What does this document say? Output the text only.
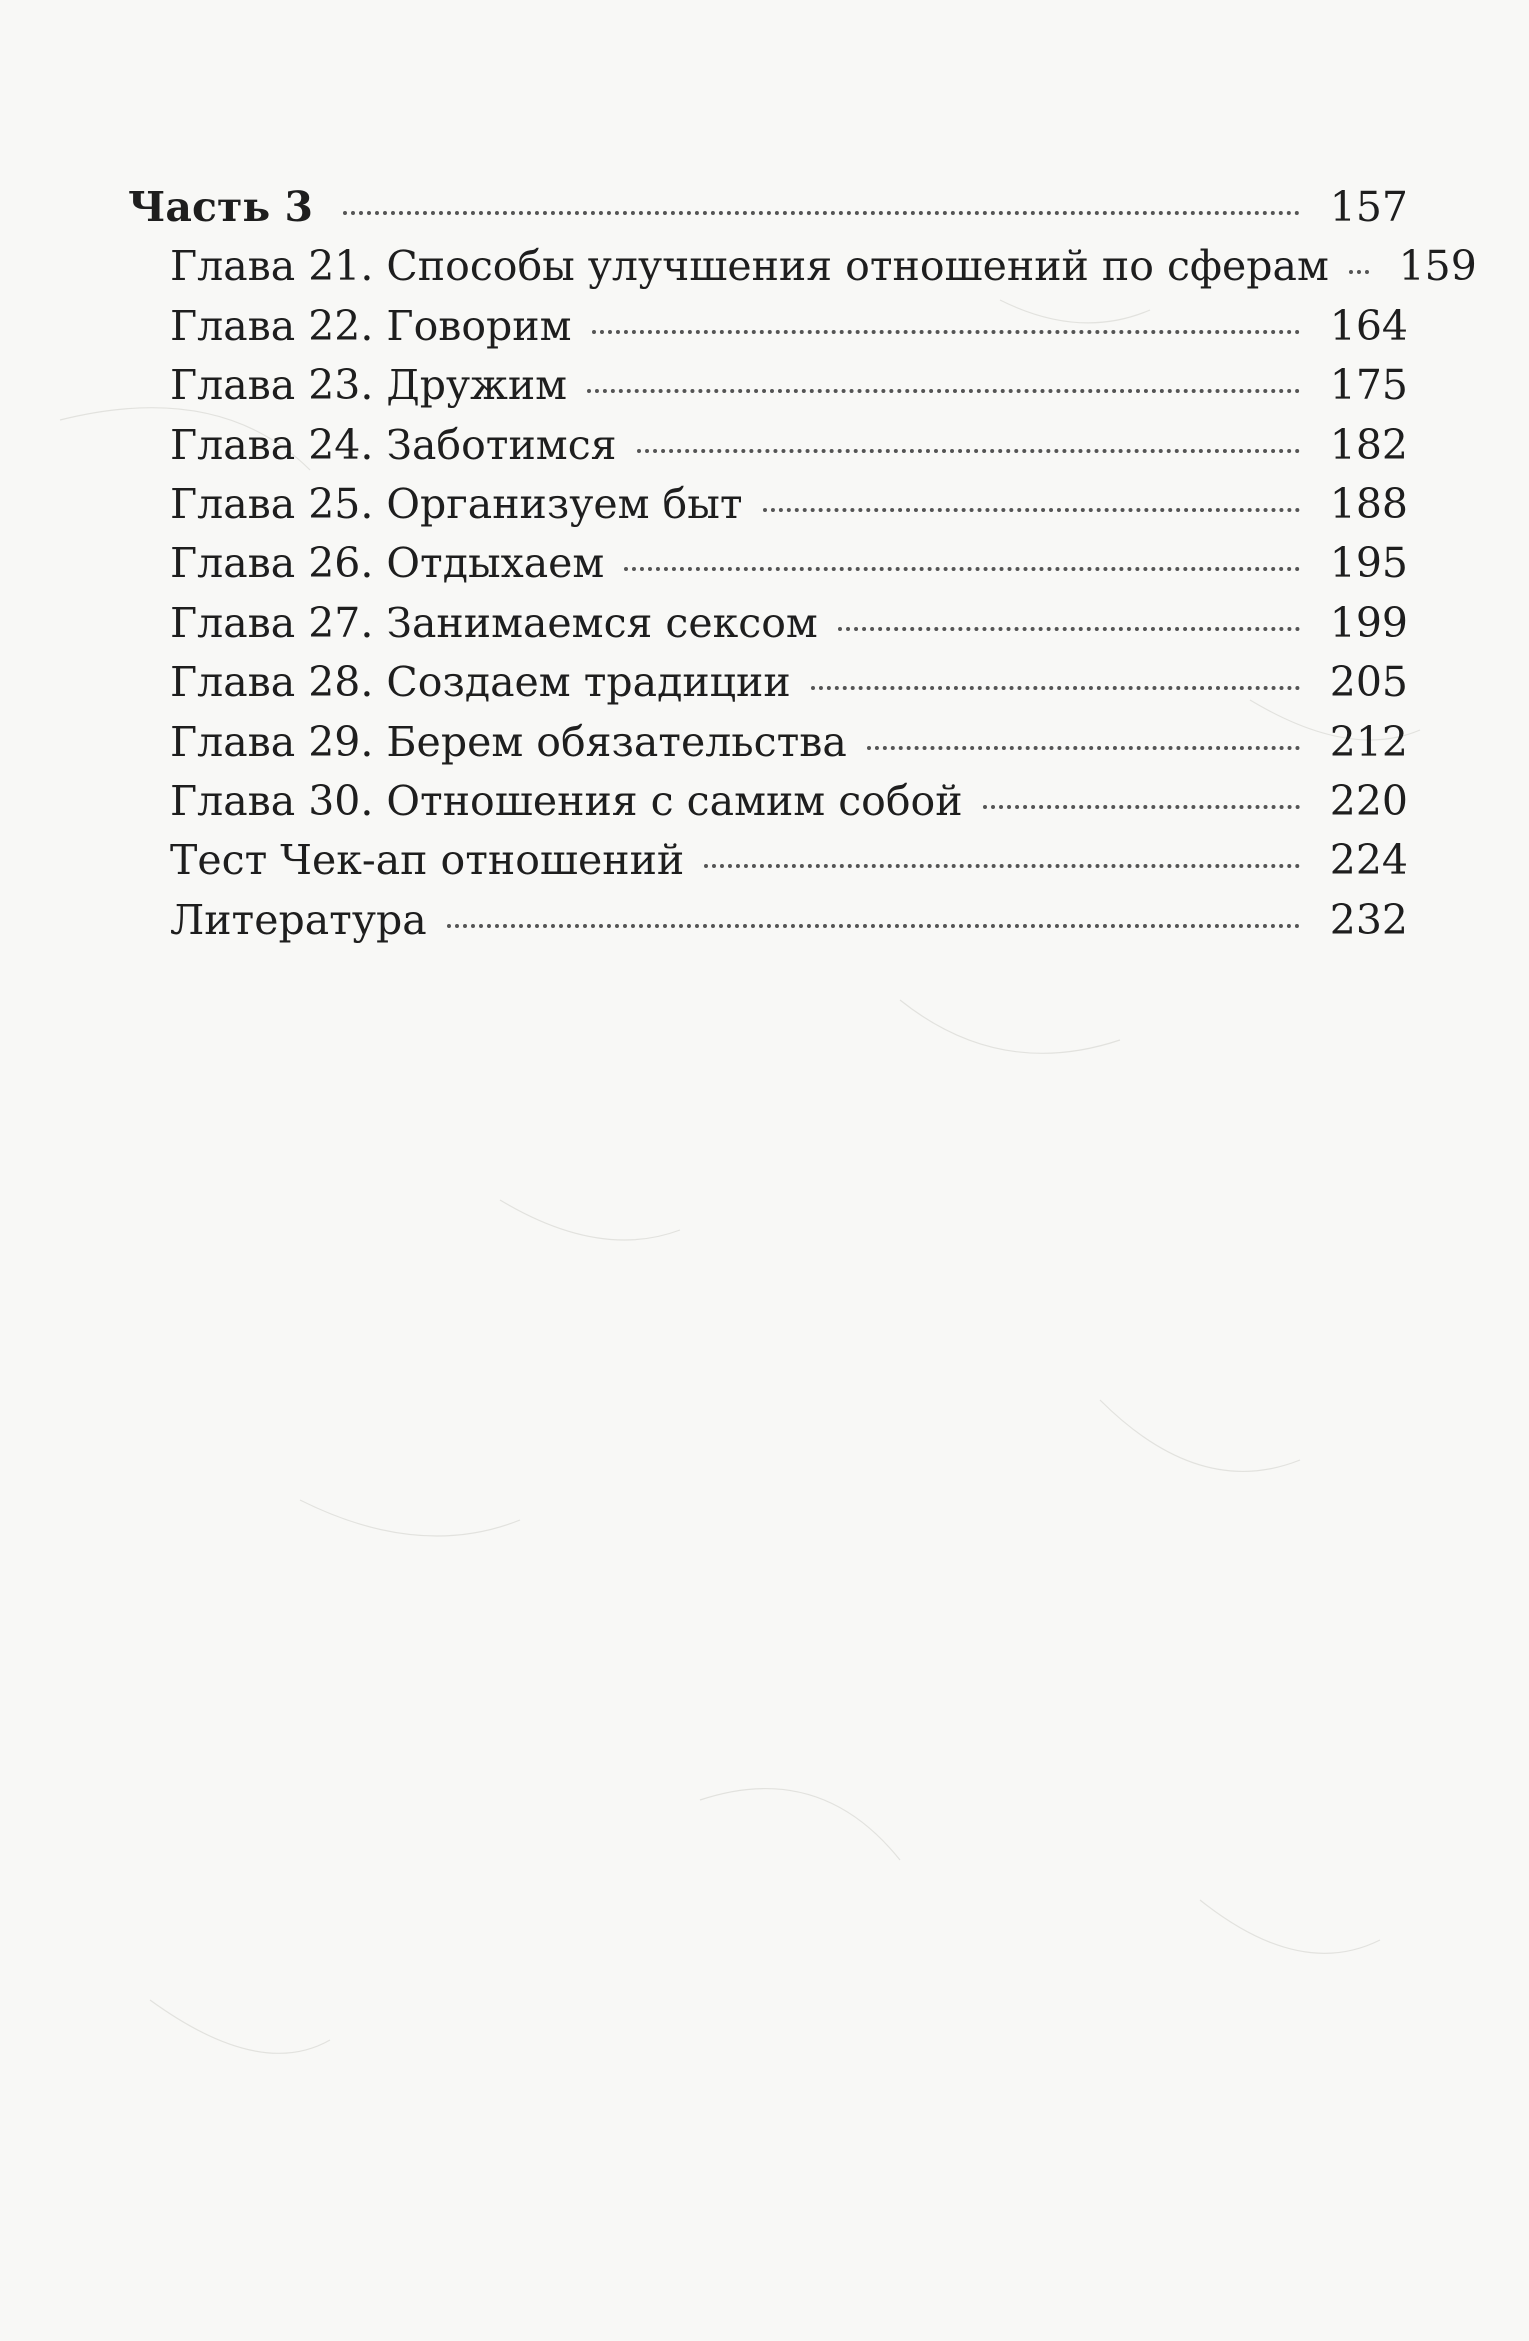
Часть 3	157
Глава 21. Способы улучшения отношений по сферам 159
Глава 22. Говорим	164
Глава 23. Дружим	175
Глава 24. Заботимся	182
Глава 25. Организуем быт	188
Глава 26. Отдыхаем	195
Глава 27. Занимаемся сексом	199
Глава 28. Создаем традиции	205
Глава 29. Берем обязательства	212
Глава 30. Отношения с самим собой	220
Тест Чек-ап отношений	224
Литература	232
